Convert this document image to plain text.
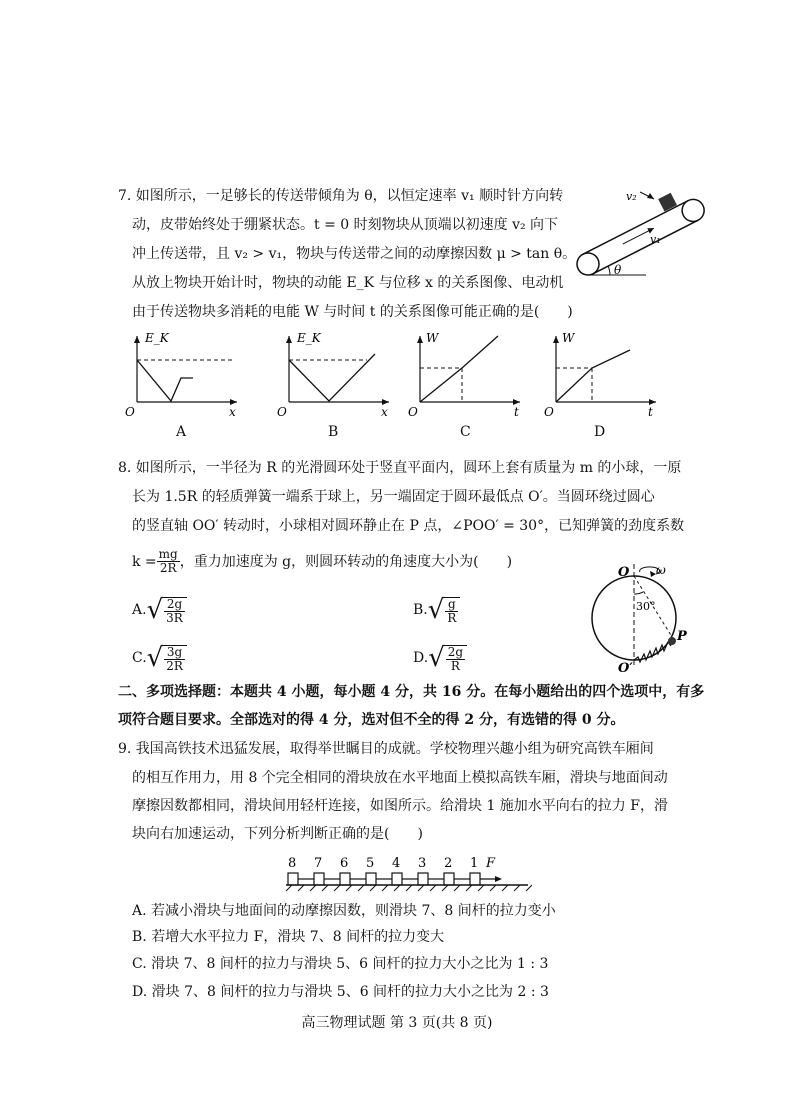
7. 如图所示，一足够长的传送带倾角为 θ，以恒定速率 v₁ 顺时针方向转
动，皮带始终处于绷紧状态。t = 0 时刻物块从顶端以初速度 v₂ 向下
冲上传送带，且 v₂ > v₁，物块与传送带之间的动摩擦因数 μ > tan θ。
从放上物块开始计时，物块的动能 E_K 与位移 x 的关系图像、电动机
由于传送物块多消耗的电能 W 与时间 t 的关系图像可能正确的是(　　)
v₂
v₁
θ
E_K
O	x
A
E_K
O	x
B
W
O	t
C
W
O	t
D
8. 如图所示，一半径为 R 的光滑圆环处于竖直平面内，圆环上套有质量为 m 的小球，一原
长为 1.5R 的轻质弹簧一端系于球上，另一端固定于圆环最低点 O′。当圆环绕过圆心
的竖直轴 OO′ 转动时，小球相对圆环静止在 P 点，∠POO′ = 30°，已知弹簧的劲度系数
$k = \frac{mg}{2R}$ ，重力加速度为 g，则圆环转动的角速度大小为(　　)
A. √ $\frac{2g}{3R}$	B. √ $\frac{g}{R}$
C. √ $\frac{3g}{2R}$	D. √ $\frac{2g}{R}$
O ω
30°
P
O′
二、多项选择题：本题共 4 小题，每小题 4 分，共 16 分。在每小题给出的四个选项中，有多
项符合题目要求。全部选对的得 4 分，选对但不全的得 2 分，有选错的得 0 分。
9. 我国高铁技术迅猛发展，取得举世瞩目的成就。学校物理兴趣小组为研究高铁车厢间
的相互作用力，用 8 个完全相同的滑块放在水平地面上模拟高铁车厢，滑块与地面间动
摩擦因数都相同，滑块间用轻杆连接，如图所示。给滑块 1 施加水平向右的拉力 F，滑
块向右加速运动，下列分析判断正确的是(　　)
8 7 6 5 4 3 2 1 F
A. 若减小滑块与地面间的动摩擦因数，则滑块 7、8 间杆的拉力变小
B. 若增大水平拉力 F，滑块 7、8 间杆的拉力变大
C. 滑块 7、8 间杆的拉力与滑块 5、6 间杆的拉力大小之比为 1 : 3
D. 滑块 7、8 间杆的拉力与滑块 5、6 间杆的拉力大小之比为 2 : 3
高三物理试题 第 3 页(共 8 页)
